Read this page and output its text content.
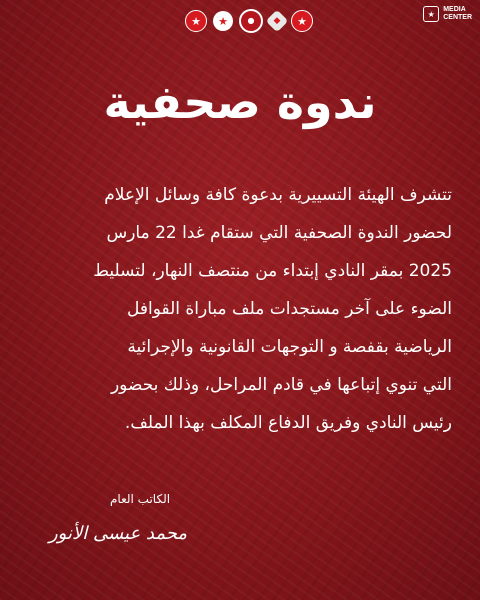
★	★	●	◆	★
★	MEDIA
CENTER
ندوة صحفية
تتشرف الهيئة التسييرية بدعوة كافة وسائل الإعلام
لحضور الندوة الصحفية التي ستقام غدا 22 مارس
2025 بمقر النادي إبتداء من منتصف النهار، لتسليط
الضوء على آخر مستجدات ملف مباراة القوافل
الرياضية بقفصة و التوجهات القانونية والإجرائية
التي تنوي إتباعها في قادم المراحل، وذلك بحضور
رئيس النادي وفريق الدفاع المكلف بهذا الملف.
الكاتب العام
محمد عيسى الأنور
